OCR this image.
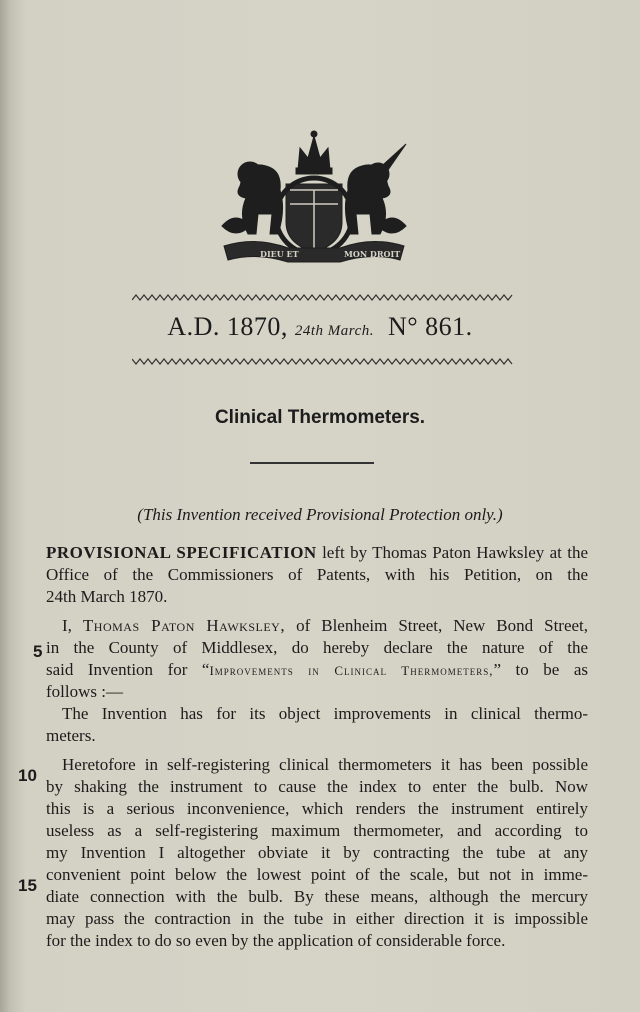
DIEU ET	MON DROIT
A.D. 1870, 24th March. N° 861.
Clinical Thermometers.
(This Invention received Provisional Protection only.)
5
10
15
PROVISIONAL SPECIFICATION left by Thomas Paton Hawksley at the
Office of the Commissioners of Patents, with his Petition, on the
24th March 1870.
I, Thomas Paton Hawksley, of Blenheim Street, New Bond Street,
in the County of Middlesex, do hereby declare the nature of the
said Invention for “Improvements in Clinical Thermometers,” to be as
follows :—
The Invention has for its object improvements in clinical thermo-
meters.
Heretofore in self-registering clinical thermometers it has been possible
by shaking the instrument to cause the index to enter the bulb. Now
this is a serious inconvenience, which renders the instrument entirely
useless as a self-registering maximum thermometer, and according to
my Invention I altogether obviate it by contracting the tube at any
convenient point below the lowest point of the scale, but not in imme-
diate connection with the bulb. By these means, although the mercury
may pass the contraction in the tube in either direction it is impossible
for the index to do so even by the application of considerable force.
